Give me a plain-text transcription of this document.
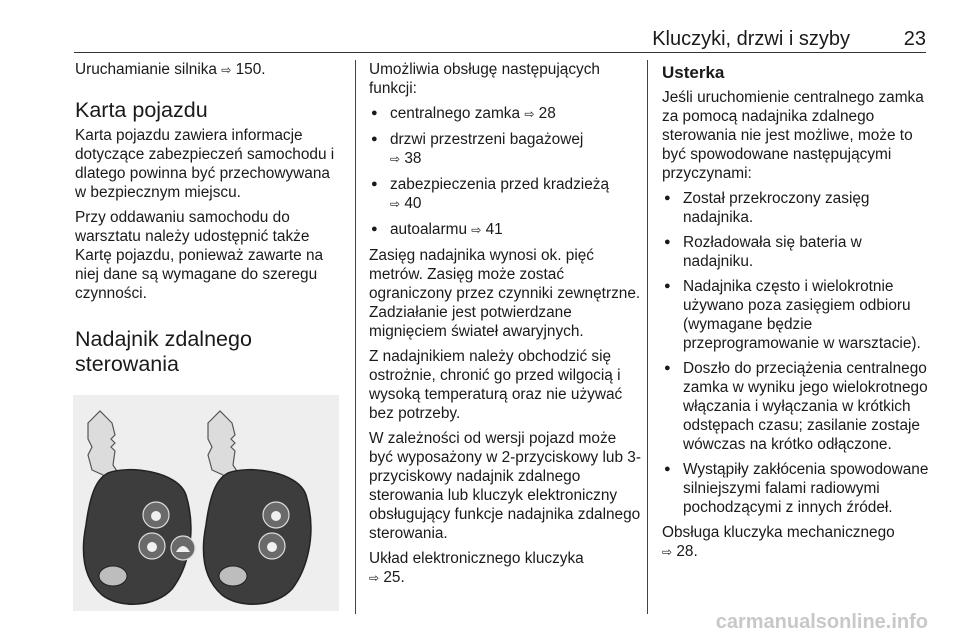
Kluczyki, drzwi i szyby	23

Uruchamianie silnika ⇨ 150.

Karta pojazdu

Karta pojazdu zawiera informacje dotyczące zabezpieczeń samochodu i dlatego powinna być przechowywana w bezpiecznym miejscu.

Przy oddawaniu samochodu do warsztatu należy udostępnić także Kartę pojazdu, ponieważ zawarte na niej dane są wymagane do szeregu czynności.

Nadajnik zdalnego sterowania

Umożliwia obsługę następujących funkcji:

● centralnego zamka ⇨ 28
● drzwi przestrzeni bagażowej
⇨ 38
● zabezpieczenia przed kradzieżą
⇨ 40
● autoalarmu ⇨ 41

Zasięg nadajnika wynosi ok. pięć metrów. Zasięg może zostać ograniczony przez czynniki zewnętrzne. Zadziałanie jest potwierdzane mignięciem świateł awaryjnych.

Z nadajnikiem należy obchodzić się ostrożnie, chronić go przed wilgocią i wysoką temperaturą oraz nie używać bez potrzeby.

W zależności od wersji pojazd może być wyposażony w 2-przyciskowy lub 3-przyciskowy nadajnik zdalnego sterowania lub kluczyk elektroniczny obsługujący funkcje nadajnika zdalnego sterowania.

Układ elektronicznego kluczyka
⇨ 25.

Usterka

Jeśli uruchomienie centralnego zamka za pomocą nadajnika zdalnego sterowania nie jest możliwe, może to być spowodowane następującymi przyczynami:

● Został przekroczony zasięg nadajnika.
● Rozładowała się bateria w nadajniku.
● Nadajnika często i wielokrotnie używano poza zasięgiem odbioru (wymagane będzie przeprogramowanie w warsztacie).
● Doszło do przeciążenia centralnego zamka w wyniku jego wielokrotnego włączania i wyłączania w krótkich odstępach czasu; zasilanie zostaje wówczas na krótko odłączone.
● Wystąpiły zakłócenia spowodowane silniejszymi falami radiowymi pochodzącymi z innych źródeł.

Obsługa kluczyka mechanicznego
⇨ 28.

carmanualsonline.info
